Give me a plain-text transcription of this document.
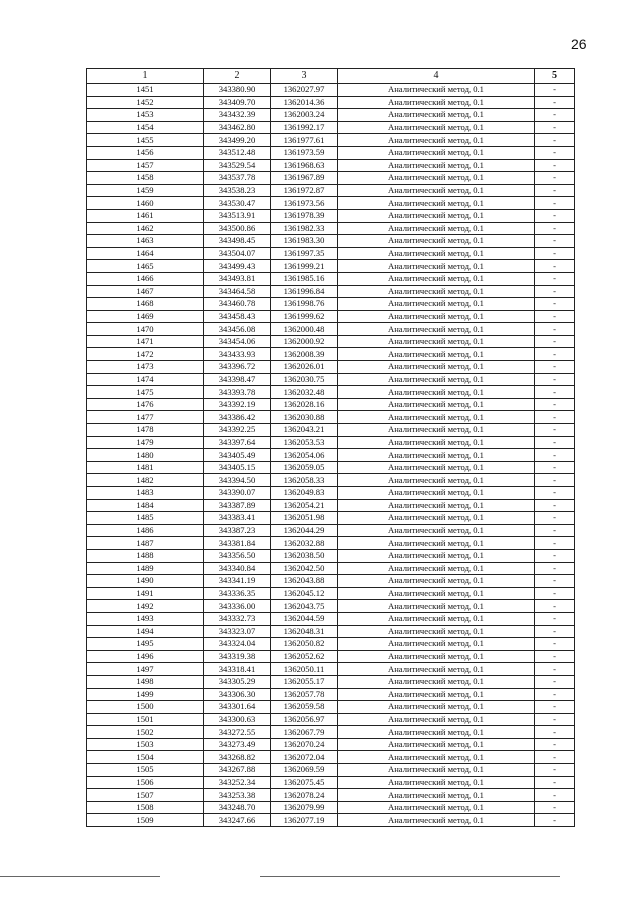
26
1	2	3	4	5
1451	343380.90	1362027.97	Аналитический метод, 0.1	-
1452	343409.70	1362014.36	Аналитический метод, 0.1	-
1453	343432.39	1362003.24	Аналитический метод, 0.1	-
1454	343462.80	1361992.17	Аналитический метод, 0.1	-
1455	343499.20	1361977.61	Аналитический метод, 0.1	-
1456	343512.48	1361973.59	Аналитический метод, 0.1	-
1457	343529.54	1361968.63	Аналитический метод, 0.1	-
1458	343537.78	1361967.89	Аналитический метод, 0.1	-
1459	343538.23	1361972.87	Аналитический метод, 0.1	-
1460	343530.47	1361973.56	Аналитический метод, 0.1	-
1461	343513.91	1361978.39	Аналитический метод, 0.1	-
1462	343500.86	1361982.33	Аналитический метод, 0.1	-
1463	343498.45	1361983.30	Аналитический метод, 0.1	-
1464	343504.07	1361997.35	Аналитический метод, 0.1	-
1465	343499.43	1361999.21	Аналитический метод, 0.1	-
1466	343493.81	1361985.16	Аналитический метод, 0.1	-
1467	343464.58	1361996.84	Аналитический метод, 0.1	-
1468	343460.78	1361998.76	Аналитический метод, 0.1	-
1469	343458.43	1361999.62	Аналитический метод, 0.1	-
1470	343456.08	1362000.48	Аналитический метод, 0.1	-
1471	343454.06	1362000.92	Аналитический метод, 0.1	-
1472	343433.93	1362008.39	Аналитический метод, 0.1	-
1473	343396.72	1362026.01	Аналитический метод, 0.1	-
1474	343398.47	1362030.75	Аналитический метод, 0.1	-
1475	343393.78	1362032.48	Аналитический метод, 0.1	-
1476	343392.19	1362028.16	Аналитический метод, 0.1	-
1477	343386.42	1362030.88	Аналитический метод, 0.1	-
1478	343392.25	1362043.21	Аналитический метод, 0.1	-
1479	343397.64	1362053.53	Аналитический метод, 0.1	-
1480	343405.49	1362054.06	Аналитический метод, 0.1	-
1481	343405.15	1362059.05	Аналитический метод, 0.1	-
1482	343394.50	1362058.33	Аналитический метод, 0.1	-
1483	343390.07	1362049.83	Аналитический метод, 0.1	-
1484	343387.89	1362054.21	Аналитический метод, 0.1	-
1485	343383.41	1362051.98	Аналитический метод, 0.1	-
1486	343387.23	1362044.29	Аналитический метод, 0.1	-
1487	343381.84	1362032.88	Аналитический метод, 0.1	-
1488	343356.50	1362038.50	Аналитический метод, 0.1	-
1489	343340.84	1362042.50	Аналитический метод, 0.1	-
1490	343341.19	1362043.88	Аналитический метод, 0.1	-
1491	343336.35	1362045.12	Аналитический метод, 0.1	-
1492	343336.00	1362043.75	Аналитический метод, 0.1	-
1493	343332.73	1362044.59	Аналитический метод, 0.1	-
1494	343323.07	1362048.31	Аналитический метод, 0.1	-
1495	343324.04	1362050.82	Аналитический метод, 0.1	-
1496	343319.38	1362052.62	Аналитический метод, 0.1	-
1497	343318.41	1362050.11	Аналитический метод, 0.1	-
1498	343305.29	1362055.17	Аналитический метод, 0.1	-
1499	343306.30	1362057.78	Аналитический метод, 0.1	-
1500	343301.64	1362059.58	Аналитический метод, 0.1	-
1501	343300.63	1362056.97	Аналитический метод, 0.1	-
1502	343272.55	1362067.79	Аналитический метод, 0.1	-
1503	343273.49	1362070.24	Аналитический метод, 0.1	-
1504	343268.82	1362072.04	Аналитический метод, 0.1	-
1505	343267.88	1362069.59	Аналитический метод, 0.1	-
1506	343252.34	1362075.45	Аналитический метод, 0.1	-
1507	343253.38	1362078.24	Аналитический метод, 0.1	-
1508	343248.70	1362079.99	Аналитический метод, 0.1	-
1509	343247.66	1362077.19	Аналитический метод, 0.1	-
